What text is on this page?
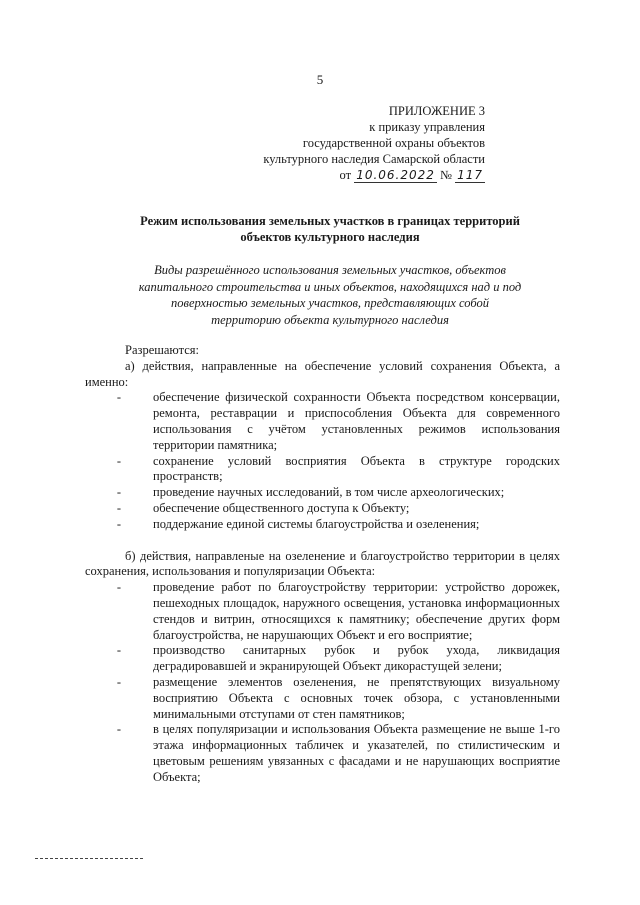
5
ПРИЛОЖЕНИЕ 3
к приказу управления
государственной охраны объектов
культурного наследия Самарской области
от 10.06.2022 № 117
Режим использования земельных участков в границах территорий
объектов культурного наследия
Виды разрешённого использования земельных участков, объектов
капитального строительства и иных объектов, находящихся над и под
поверхностью земельных участков, представляющих собой
территорию объекта культурного наследия

Разрешаются:

а) действия, направленные на обеспечение условий сохранения Объекта, а именно:

-	обеспечение физической сохранности Объекта посредством консервации, ремонта, реставрации и приспособления Объекта для современного использования с учётом установленных режимов использования территории памятника;
-	сохранение условий восприятия Объекта в структуре городских пространств;
-	проведение научных исследований, в том числе археологических;
-	обеспечение общественного доступа к Объекту;
-	поддержание единой системы благоустройства и озеленения;

б) действия, направленые на озеленение и благоустройство территории в целях сохранения, использования и популяризации Объекта:

-	проведение работ по благоустройству территории: устройство дорожек, пешеходных площадок, наружного освещения, установка информационных стендов и витрин, относящихся к памятнику; обеспечение других форм благоустройства, не нарушающих Объект и его восприятие;
-	производство санитарных рубок и рубок ухода, ликвидация деградировавшей и экранирующей Объект дикорастущей зелени;
-	размещение элементов озеленения, не препятствующих визуальному восприятию Объекта с основных точек обзора, с установленными минимальными отступами от стен памятников;
-	в целях популяризации и использования Объекта размещение не выше 1-го этажа информационных табличек и указателей, по стилистическим и цветовым решениям увязанных с фасадами и не нарушающих восприятие Объекта;
